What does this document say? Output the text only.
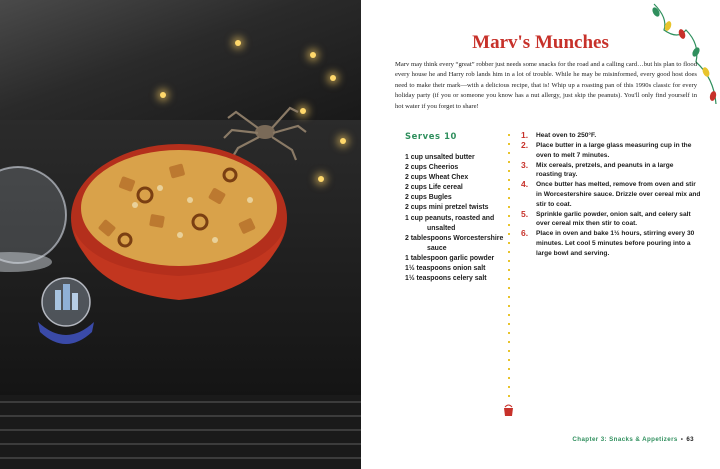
Marv's Munches
Marv may think every “great” robber just needs some snacks for the road and a calling card…but his plan to flood every house he and Harry rob lands him in a lot of trouble. While he may be misinformed, every good host does need to make their mark—with a delicious recipe, that is! Whip up a roasting pan of this 1990s classic for every holiday party (if you or someone you know has a nut allergy, just skip the peanuts). You'll only find yourself in hot water if you forget to share!
Serves 10
1 cup unsalted butter
2 cups Cheerios
2 cups Wheat Chex
2 cups Life cereal
2 cups Bugles
2 cups mini pretzel twists
1 cup peanuts, roasted and
unsalted
2 tablespoons Worcestershire
sauce
1 tablespoon garlic powder
1½ teaspoons onion salt
1½ teaspoons celery salt
1. Heat oven to 250°F.
2. Place butter in a large glass measuring cup in the oven to melt 7 minutes.
3. Mix cereals, pretzels, and peanuts in a large roasting tray.
4. Once butter has melted, remove from oven and stir in Worcestershire sauce. Drizzle over cereal mix and stir to coat.
5. Sprinkle garlic powder, onion salt, and celery salt over cereal mix then stir to coat.
6. Place in oven and bake 1½ hours, stirring every 30 minutes. Let cool 5 minutes before pouring into a large bowl and serving.
Chapter 3: Snacks & Appetizers • 63
